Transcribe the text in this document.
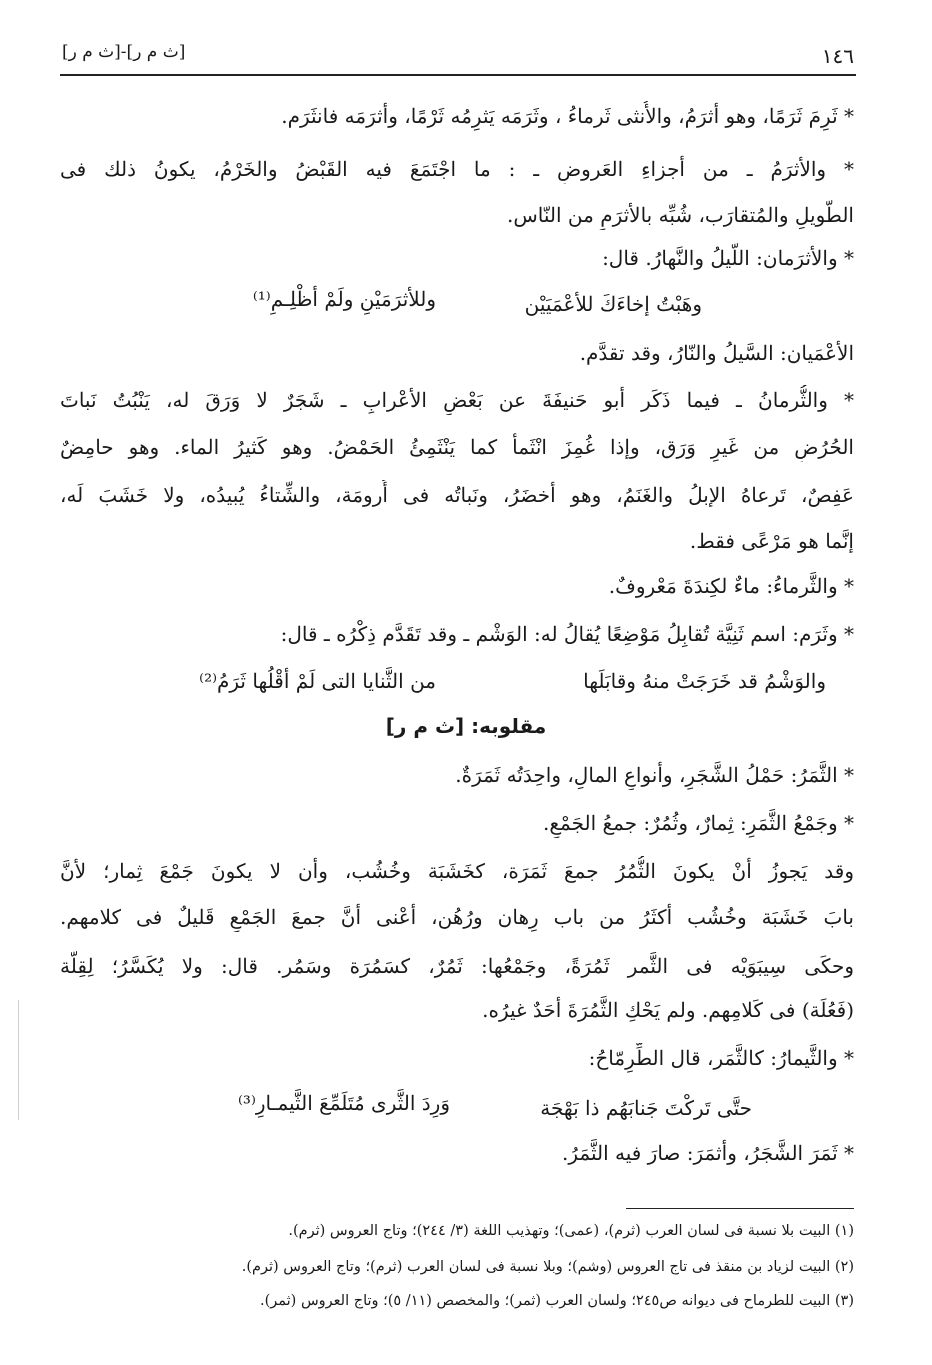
[ث م ر]-[ث م ر]	١٤٦
* ثَرِمَ ثَرَمًا، وهو أثرَمُ، والأُنثى ثَرماءُ ، وثَرَمَه يَثرِمُه ثَرْمًا، وأثرَمَه فانثَرَم.
* والأثرَمُ ـ من أجزاءِ العَروضِ ـ : ما اجْتَمَعَ فيه القَبْضُ والخَرْمُ، يكونُ ذلك فى
الطَّويلِ والمُتقارَب، شُبِّه بالأثرَمِ من النّاس.
* والأثرَمان: اللَّيلُ والنَّهارُ. قال:
وهَبْتُ إخاءَكَ للأعْمَيَيْن
وللأثرَمَيْنِ ولَمْ أظْلِـمِ⁽¹⁾
الأعْمَيان: السَّيلُ والنّارُ، وقد تقدَّم.
* والثُّرمانُ ـ فيما ذَكَر أبو حَنيفَةَ عن بَعْضِ الأعْرابِ ـ شَجَرٌ لا وَرَقَ له، يَنْبُتُ نَباتَ
الحُرُضِ من غَيرِ وَرَق، وإذا غُمِزَ انْثَمأ كما يَنْثَمِئُ الحَمْضُ. وهو كَثيرُ الماء. وهو حامِضٌ
عَفِصٌ، تَرعاهُ الإبلُ والغَنَمُ، وهو أخضَرُ، ونَباتُه فى أُرومَة، والشِّتاءُ يُبيدُه، ولا خَشَبَ لَه،
إنَّما هو مَرْعًى فقط.
* والثَّرماءُ: ماءٌ لكِندَةَ مَعْروفٌ.
* وثَرَم: اسم ثَنِيَّة تُقابِلُ مَوْضِعًا يُقالُ له: الوَشْم ـ وقد تَقَدَّم ذِكْرُه ـ قال:
والوَشْمُ قد خَرَجَتْ منهُ وقابَلَها
من الثَّنايا التى لَمْ أقْلُها ثَرَمُ⁽²⁾
مقلوبه: [ث م ر]
* الثَّمَرُ: حَمْلُ الشَّجَرِ، وأنواعِ المالِ، واحِدَتُه ثَمَرَةٌ.
* وجَمْعُ الثَّمَرِ: ثِمارٌ، وثُمُرٌ: جمعُ الجَمْعِ.
وقد يَجوزُ أنْ يكونَ الثُّمُرُ جمعَ ثَمَرَة، كخَشَبَة وخُشُب، وأن لا يكونَ جَمْعَ ثِمار؛ لأنَّ
بابَ خَشَبَة وخُشُب أكثَرُ من باب رِهان ورُهُن، أعْنى أنَّ جمعَ الجَمْعِ قَليلٌ فى كلامهم.
وحكَى سِيبَوَيْه فى الثَّمر ثَمُرَةً، وجَمْعُها: ثَمُرٌ، كسَمُرَة وسَمُر. قال: ولا يُكَسَّرُ؛ لِقِلَّة
(فَعُلَة) فى كَلامِهم. ولم يَحْكِ الثَّمُرَةَ أحَدٌ غيرُه.
* والثَّيمارُ: كالثَّمَر، قال الطِّرِمّاحُ:
حتَّى تَركْتَ جَنابَهُم ذا بَهْجَة
وَرِدَ الثَّرى مُتَلَمِّعَ الثَّيمـارِ⁽³⁾
* ثَمَرَ الشَّجَرُ، وأثمَرَ: صارَ فيه الثَّمَرُ.
(١) البيت بلا نسبة فى لسان العرب (ثرم)، (عمى)؛ وتهذيب اللغة (٣/ ٢٤٤)؛ وتاج العروس (ثرم).
(٢) البيت لزياد بن منقذ فى تاج العروس (وشم)؛ وبلا نسبة فى لسان العرب (ثرم)؛ وتاج العروس (ثرم).
(٣) البيت للطرماح فى ديوانه ص٢٤٥؛ ولسان العرب (ثمر)؛ والمخصص (١١/ ٥)؛ وتاج العروس (ثمر).
